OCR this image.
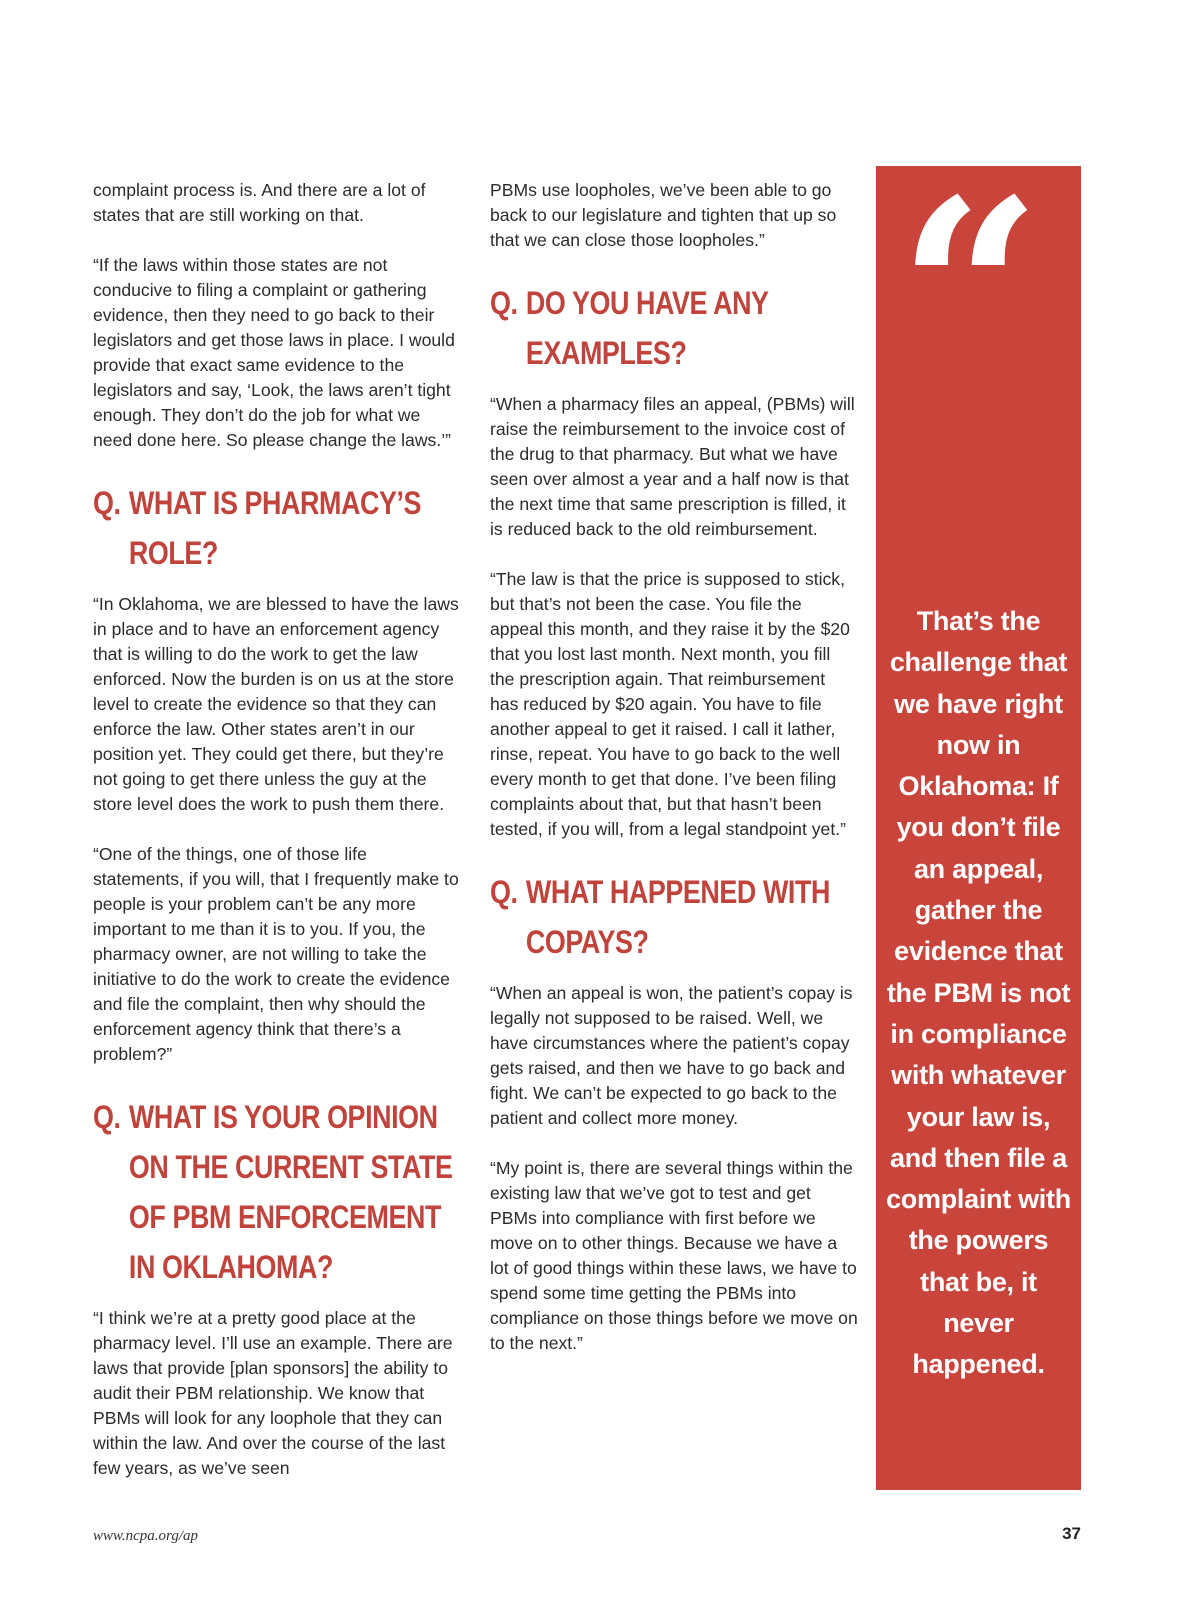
complaint process is. And there are a lot of states that are still working on that.

“If the laws within those states are not conducive to filing a complaint or gathering evidence, then they need to go back to their legislators and get those laws in place. I would provide that exact same evidence to the legislators and say, ‘Look, the laws aren’t tight enough. They don’t do the job for what we need done here. So please change the laws.’”

Q. WHAT IS PHARMACY’S ROLE?

“In Oklahoma, we are blessed to have the laws in place and to have an enforcement agency that is willing to do the work to get the law enforced. Now the burden is on us at the store level to create the evidence so that they can enforce the law. Other states aren’t in our position yet. They could get there, but they’re not going to get there unless the guy at the store level does the work to push them there.

“One of the things, one of those life statements, if you will, that I frequently make to people is your problem can’t be any more important to me than it is to you. If you, the pharmacy owner, are not willing to take the initiative to do the work to create the evidence and file the complaint, then why should the enforcement agency think that there’s a problem?”

Q. WHAT IS YOUR OPINION ON THE CURRENT STATE OF PBM ENFORCEMENT IN OKLAHOMA?

“I think we’re at a pretty good place at the pharmacy level. I’ll use an example. There are laws that provide [plan sponsors] the ability to audit their PBM relationship. We know that PBMs will look for any loophole that they can within the law. And over the course of the last few years, as we’ve seen

PBMs use loopholes, we’ve been able to go back to our legislature and tighten that up so that we can close those loopholes.”

Q. DO YOU HAVE ANY EXAMPLES?

“When a pharmacy files an appeal, (PBMs) will raise the reimbursement to the invoice cost of the drug to that pharmacy. But what we have seen over almost a year and a half now is that the next time that same prescription is filled, it is reduced back to the old reimbursement.

“The law is that the price is supposed to stick, but that’s not been the case. You file the appeal this month, and they raise it by the $20 that you lost last month. Next month, you fill the prescription again. That reimbursement has reduced by $20 again. You have to file another appeal to get it raised. I call it lather, rinse, repeat. You have to go back to the well every month to get that done. I’ve been filing complaints about that, but that hasn’t been tested, if you will, from a legal standpoint yet.”

Q. WHAT HAPPENED WITH COPAYS?

“When an appeal is won, the patient’s copay is legally not supposed to be raised. Well, we have circumstances where the patient’s copay gets raised, and then we have to go back and fight. We can’t be expected to go back to the patient and collect more money.

“My point is, there are several things within the existing law that we’ve got to test and get PBMs into compliance with first before we move on to other things. Because we have a lot of good things within these laws, we have to spend some time getting the PBMs into compliance on those things before we move on to the next.”

“
That’s the challenge that we have right now in Oklahoma: If you don’t file an appeal, gather the evidence that the PBM is not in compliance with whatever your law is, and then file a complaint with the powers that be, it never happened.
www.ncpa.org/ap	37
